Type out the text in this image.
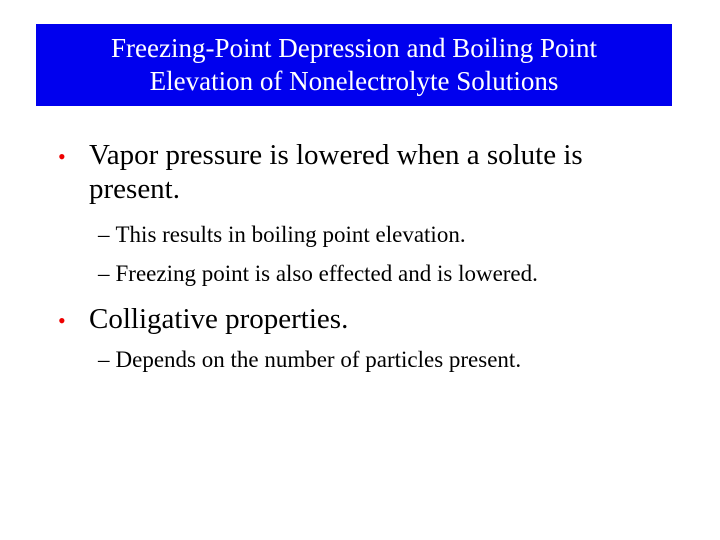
Freezing-Point Depression and Boiling Point
Elevation of Nonelectrolyte Solutions
• Vapor pressure is lowered when a solute is
present.
– This results in boiling point elevation.
– Freezing point is also effected and is lowered.
• Colligative properties.
– Depends on the number of particles present.
